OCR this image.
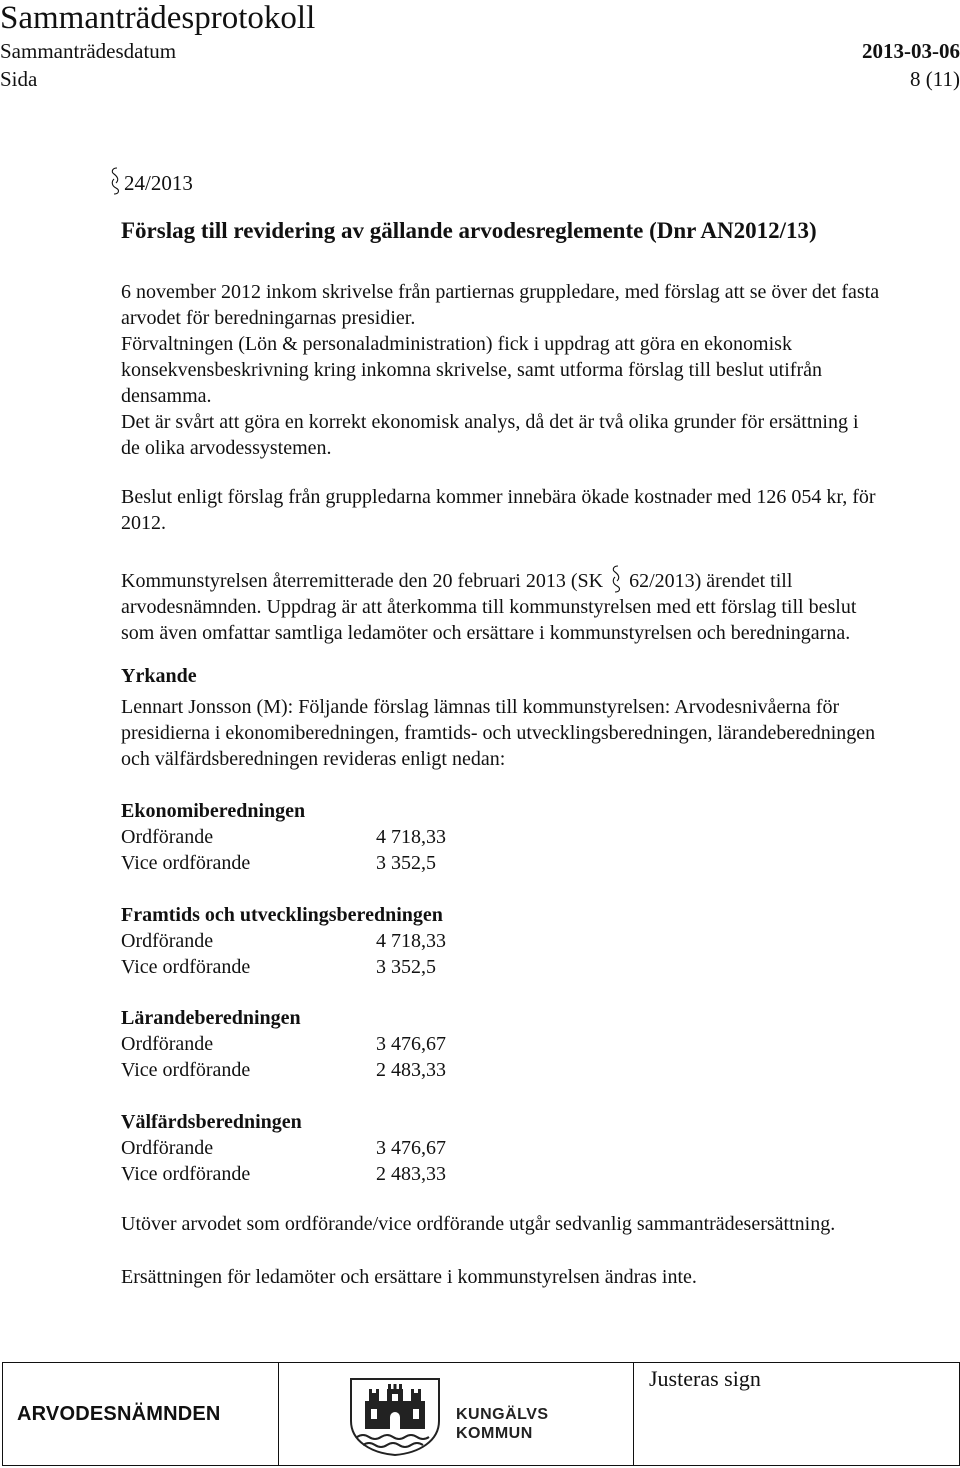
Sammanträdesprotokoll
Sammanträdesdatum	2013-03-06
Sida	8 (11)
24/2013
Förslag till revidering av gällande arvodesreglemente (Dnr AN2012/13)
6 november 2012 inkom skrivelse från partiernas gruppledare, med förslag att se över det fasta
arvodet för beredningarnas presidier.
Förvaltningen (Lön & personaladministration) fick i uppdrag att göra en ekonomisk
konsekvensbeskrivning kring inkomna skrivelse, samt utforma förslag till beslut utifrån
densamma.
Det är svårt att göra en korrekt ekonomisk analys, då det är två olika grunder för ersättning i
de olika arvodessystemen.
Beslut enligt förslag från gruppledarna kommer innebära ökade kostnader med 126 054 kr, för
2012.
Kommunstyrelsen återremitterade den 20 februari 2013 (SK 62/2013) ärendet till
arvodesnämnden. Uppdrag är att återkomma till kommunstyrelsen med ett förslag till beslut
som även omfattar samtliga ledamöter och ersättare i kommunstyrelsen och beredningarna.
Yrkande
Lennart Jonsson (M): Följande förslag lämnas till kommunstyrelsen: Arvodesnivåerna för
presidierna i ekonomiberedningen, framtids- och utvecklingsberedningen, lärandeberedningen
och välfärdsberedningen revideras enligt nedan:
Ekonomiberedningen
Ordförande	4 718,33
Vice ordförande	3 352,5
Framtids och utvecklingsberedningen
Ordförande	4 718,33
Vice ordförande	3 352,5
Lärandeberedningen
Ordförande	3 476,67
Vice ordförande	2 483,33
Välfärdsberedningen
Ordförande	3 476,67
Vice ordförande	2 483,33
Utöver arvodet som ordförande/vice ordförande utgår sedvanlig sammanträdesersättning.
Ersättningen för ledamöter och ersättare i kommunstyrelsen ändras inte.
ARVODESNÄMNDEN	KUNGÄLVS
KOMMUN
Justeras sign
